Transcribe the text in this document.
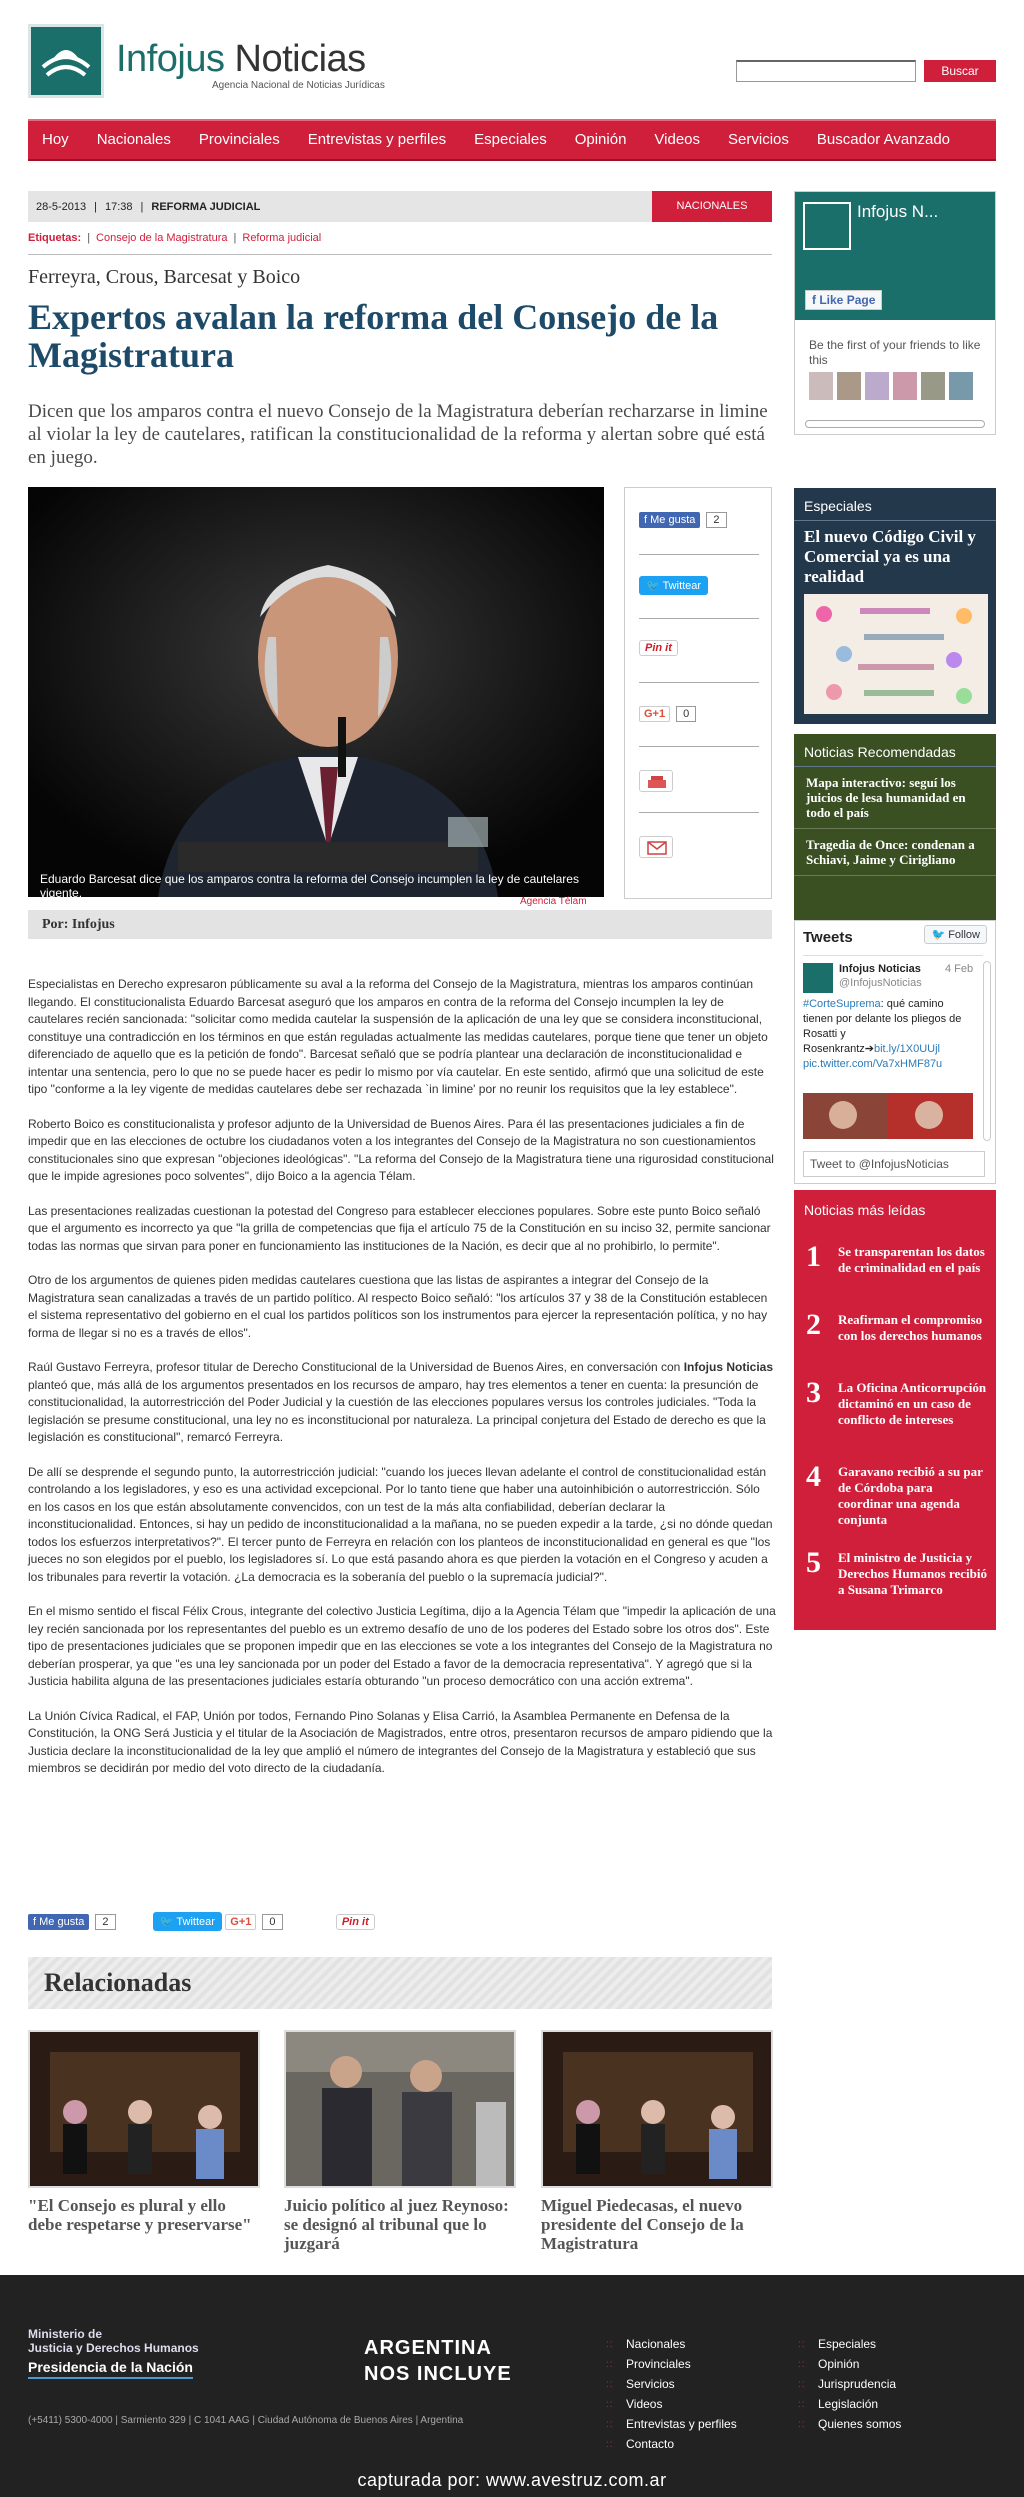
Infojus Noticias
Agencia Nacional de Noticias Jurídicas
Buscar
Hoy	Nacionales	Provinciales	Entrevistas y perfiles	Especiales	Opinión	Videos	Servicios	Buscador Avanzado
28-5-2013 | 17:38 | REFORMA JUDICIAL	NACIONALES
Etiquetas: | Consejo de la Magistratura | Reforma judicial
Ferreyra, Crous, Barcesat y Boico
Expertos avalan la reforma del Consejo de la Magistratura
Dicen que los amparos contra el nuevo Consejo de la Magistratura deberían recharzarse in limine al violar la ley de cautelares, ratifican la constitucionalidad de la reforma y alertan sobre qué está en juego.
Eduardo Barcesat dice que los amparos contra la reforma del Consejo incumplen la ley de cautelares vigente.
Agencia Télam
f Me gusta 2
🐦 Twittear
Pin it
G+1 0
Por: Infojus

Especialistas en Derecho expresaron públicamente su aval a la reforma del Consejo de la Magistratura, mientras los amparos continúan llegando. El constitucionalista Eduardo Barcesat aseguró que los amparos en contra de la reforma del Consejo incumplen la ley de cautelares recién sancionada: "solicitar como medida cautelar la suspensión de la aplicación de una ley que se considera inconstitucional, constituye una contradicción en los términos en que están reguladas actualmente las medidas cautelares, porque tiene que tener un objeto diferenciado de aquello que es la petición de fondo". Barcesat señaló que se podría plantear una declaración de inconstitucionalidad e intentar una sentencia, pero lo que no se puede hacer es pedir lo mismo por vía cautelar. En este sentido, afirmó que una solicitud de este tipo "conforme a la ley vigente de medidas cautelares debe ser rechazada `in limine' por no reunir los requisitos que la ley establece".

Roberto Boico es constitucionalista y profesor adjunto de la Universidad de Buenos Aires. Para él las presentaciones judiciales a fin de impedir que en las elecciones de octubre los ciudadanos voten a los integrantes del Consejo de la Magistratura no son cuestionamientos constitucionales sino que expresan "objeciones ideológicas". "La reforma del Consejo de la Magistratura tiene una rigurosidad constitucional que le impide agresiones poco solventes", dijo Boico a la agencia Télam.

Las presentaciones realizadas cuestionan la potestad del Congreso para establecer elecciones populares. Sobre este punto Boico señaló que el argumento es incorrecto ya que "la grilla de competencias que fija el artículo 75 de la Constitución en su inciso 32, permite sancionar todas las normas que sirvan para poner en funcionamiento las instituciones de la Nación, es decir que al no prohibirlo, lo permite".

Otro de los argumentos de quienes piden medidas cautelares cuestiona que las listas de aspirantes a integrar del Consejo de la Magistratura sean canalizadas a través de un partido político. Al respecto Boico señaló: "los artículos 37 y 38 de la Constitución establecen el sistema representativo del gobierno en el cual los partidos políticos son los instrumentos para ejercer la representación política, y no hay forma de llegar si no es a través de ellos".

Raúl Gustavo Ferreyra, profesor titular de Derecho Constitucional de la Universidad de Buenos Aires, en conversación con Infojus Noticias planteó que, más allá de los argumentos presentados en los recursos de amparo, hay tres elementos a tener en cuenta: la presunción de constitucionalidad, la autorrestricción del Poder Judicial y la cuestión de las elecciones populares versus los controles judiciales. "Toda la legislación se presume constitucional, una ley no es inconstitucional por naturaleza. La principal conjetura del Estado de derecho es que la legislación es constitucional", remarcó Ferreyra.

De allí se desprende el segundo punto, la autorrestricción judicial: "cuando los jueces llevan adelante el control de constitucionalidad están controlando a los legisladores, y eso es una actividad excepcional. Por lo tanto tiene que haber una autoinhibición o autorrestricción. Sólo en los casos en los que están absolutamente convencidos, con un test de la más alta confiabilidad, deberían declarar la inconstitucionalidad. Entonces, si hay un pedido de inconstitucionalidad a la mañana, no se pueden expedir a la tarde, ¿si no dónde quedan todos los esfuerzos interpretativos?". El tercer punto de Ferreyra en relación con los planteos de inconstitucionalidad en general es que "los jueces no son elegidos por el pueblo, los legisladores sí. Lo que está pasando ahora es que pierden la votación en el Congreso y acuden a los tribunales para revertir la votación. ¿La democracia es la soberanía del pueblo o la supremacía judicial?".

En el mismo sentido el fiscal Félix Crous, integrante del colectivo Justicia Legítima, dijo a la Agencia Télam que "impedir la aplicación de una ley recién sancionada por los representantes del pueblo es un extremo desafío de uno de los poderes del Estado sobre los otros dos". Este tipo de presentaciones judiciales que se proponen impedir que en las elecciones se vote a los integrantes del Consejo de la Magistratura no deberían prosperar, ya que "es una ley sancionada por un poder del Estado a favor de la democracia representativa". Y agregó que si la Justicia habilita alguna de las presentaciones judiciales estaría obturando "un proceso democrático con una acción extrema".

La Unión Cívica Radical, el FAP, Unión por todos, Fernando Pino Solanas y Elisa Carrió, la Asamblea Permanente en Defensa de la Constitución, la ONG Será Justicia y el titular de la Asociación de Magistrados, entre otros, presentaron recursos de amparo pidiendo que la Justicia declare la inconstitucionalidad de la ley que amplió el número de integrantes del Consejo de la Magistratura y estableció que sus miembros se decidirán por medio del voto directo de la ciudadanía.

f Me gusta 2	🐦 Twittear G+1 0	Pin it
Relacionadas
"El Consejo es plural y ello debe respetarse y preservarse"
Juicio político al juez Reynoso: se designó al tribunal que lo juzgará
Miguel Piedecasas, el nuevo presidente del Consejo de la Magistratura
Infojus N...
f Like Page
Be the first of your friends to like this
Especiales
El nuevo Código Civil y Comercial ya es una realidad
Noticias Recomendadas
Mapa interactivo: seguí los juicios de lesa humanidad en todo el país
Tragedia de Once: condenan a Schiavi, Jaime y Cirigliano
Tweets	🐦 Follow
Infojus Noticias 4 Feb
@InfojusNoticias
#CorteSuprema: qué camino tienen por delante los pliegos de Rosatti y Rosenkrantz➔bit.ly/1X0UUjl pic.twitter.com/Va7xHMF87u
Tweet to @InfojusNoticias
Noticias más leídas
1 Se transparentan los datos de criminalidad en el país
2 Reafirman el compromiso con los derechos humanos
3 La Oficina Anticorrupción dictaminó en un caso de conflicto de intereses
4 Garavano recibió a su par de Córdoba para coordinar una agenda conjunta
5 El ministro de Justicia y Derechos Humanos recibió a Susana Trimarco
Ministerio de
Justicia y Derechos Humanos
Presidencia de la Nación
ARGENTINA
NOS INCLUYE
(+5411) 5300-4000 | Sarmiento 329 | C 1041 AAG | Ciudad Autónoma de Buenos Aires | Argentina
:: Nacionales
:: Provinciales
:: Servicios
:: Videos
:: Entrevistas y perfiles
:: Contacto
:: Especiales
:: Opinión
:: Jurisprudencia
:: Legislación
:: Quienes somos
capturada por: www.avestruz.com.ar
